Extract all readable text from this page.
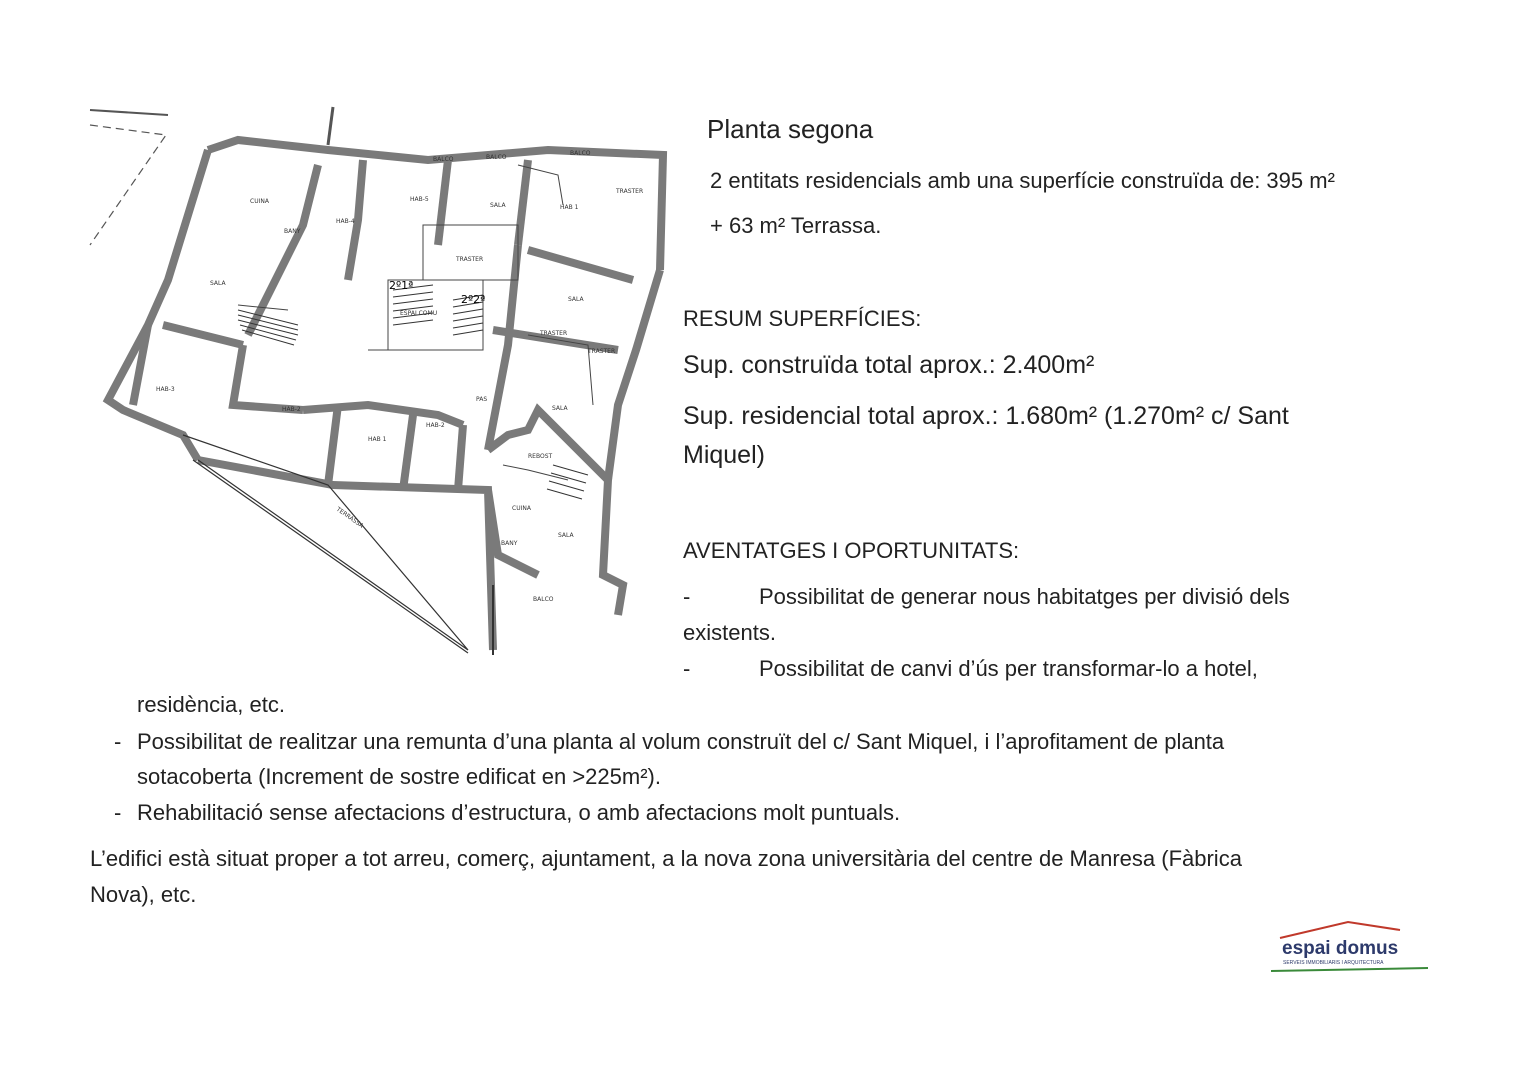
BALCO	BALCO
BALCO
BALCO
CUINA
CUINA
SALA
SALA
SALA
SALA
SALA
HAB-4
HAB-5
HAB 1
HAB 1
HAB-2
HAB-2
HAB-3
TRASTER
TRASTER
TRASTER
TRASTER
REBOST
TERRASSA
ESPAI COMU
BANY
BANY
PAS
2º1ª
2º2ª
Planta segona
2 entitats residencials amb una superfície construïda de: 395 m²
+ 63 m² Terrassa.
RESUM SUPERFÍCIES:
Sup. construïda total aprox.: 2.400m²
Sup. residencial total aprox.: 1.680m² (1.270m² c/ Sant
Miquel)
AVENTATGES I OPORTUNITATS:
-	Possibilitat de generar nous habitatges per divisió dels
existents.
-	Possibilitat de canvi d’ús per transformar-lo a hotel,
residència, etc.
- Possibilitat de realitzar una remunta d’una planta al volum construït del c/ Sant Miquel, i l’aprofitament de planta
sotacoberta (Increment de sostre edificat en >225m²).
- Rehabilitació sense afectacions d’estructura, o amb afectacions molt puntuals.
L’edifici està situat proper a tot arreu, comerç, ajuntament, a la nova zona universitària del centre de Manresa (Fàbrica
Nova), etc.
espai domus
SERVEIS IMMOBILIARIS I ARQUITECTURA
